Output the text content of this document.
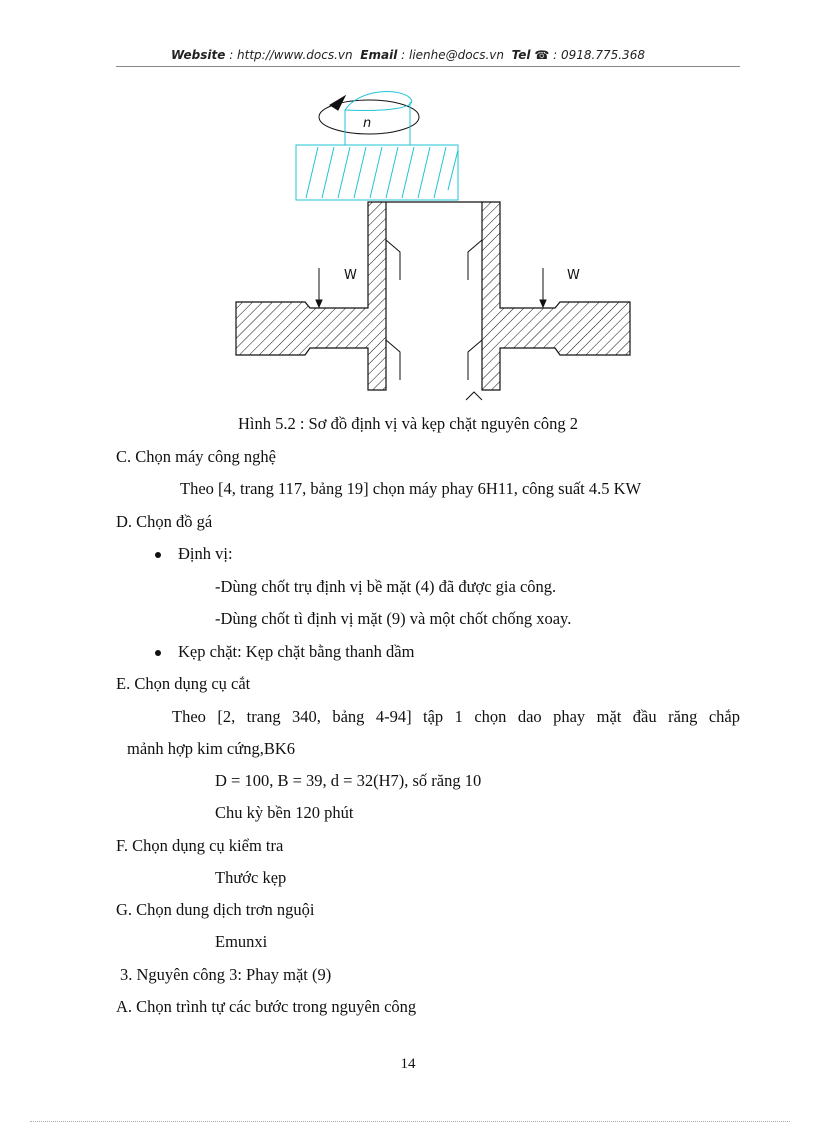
Website : http://www.docs.vn Email : lienhe@docs.vn Tel ☎ : 0918.775.368
n
W	W
Hình 5.2 : Sơ đồ định vị và kẹp chặt nguyên công 2
C. Chọn máy công nghệ
Theo [4, trang 117, bảng 19] chọn máy phay 6H11, công suất 4.5 KW
D. Chọn đồ gá
Định vị:
-Dùng chốt trụ định vị bề mặt (4) đã được gia công.
-Dùng chốt tì định vị mặt (9) và một chốt chống xoay.
Kẹp chặt: Kẹp chặt bằng thanh dầm
E. Chọn dụng cụ cắt
Theo [2, trang 340, bảng 4-94] tập 1 chọn dao phay mặt đầu răng chắp
mảnh hợp kim cứng,BK6
D = 100, B = 39, d = 32(H7), số răng 10
Chu kỳ bền 120 phút
F. Chọn dụng cụ kiểm tra
Thước kẹp
G. Chọn dung dịch trơn nguội
Emunxi
3. Nguyên công 3: Phay mặt (9)
A. Chọn trình tự các bước trong nguyên công
14
